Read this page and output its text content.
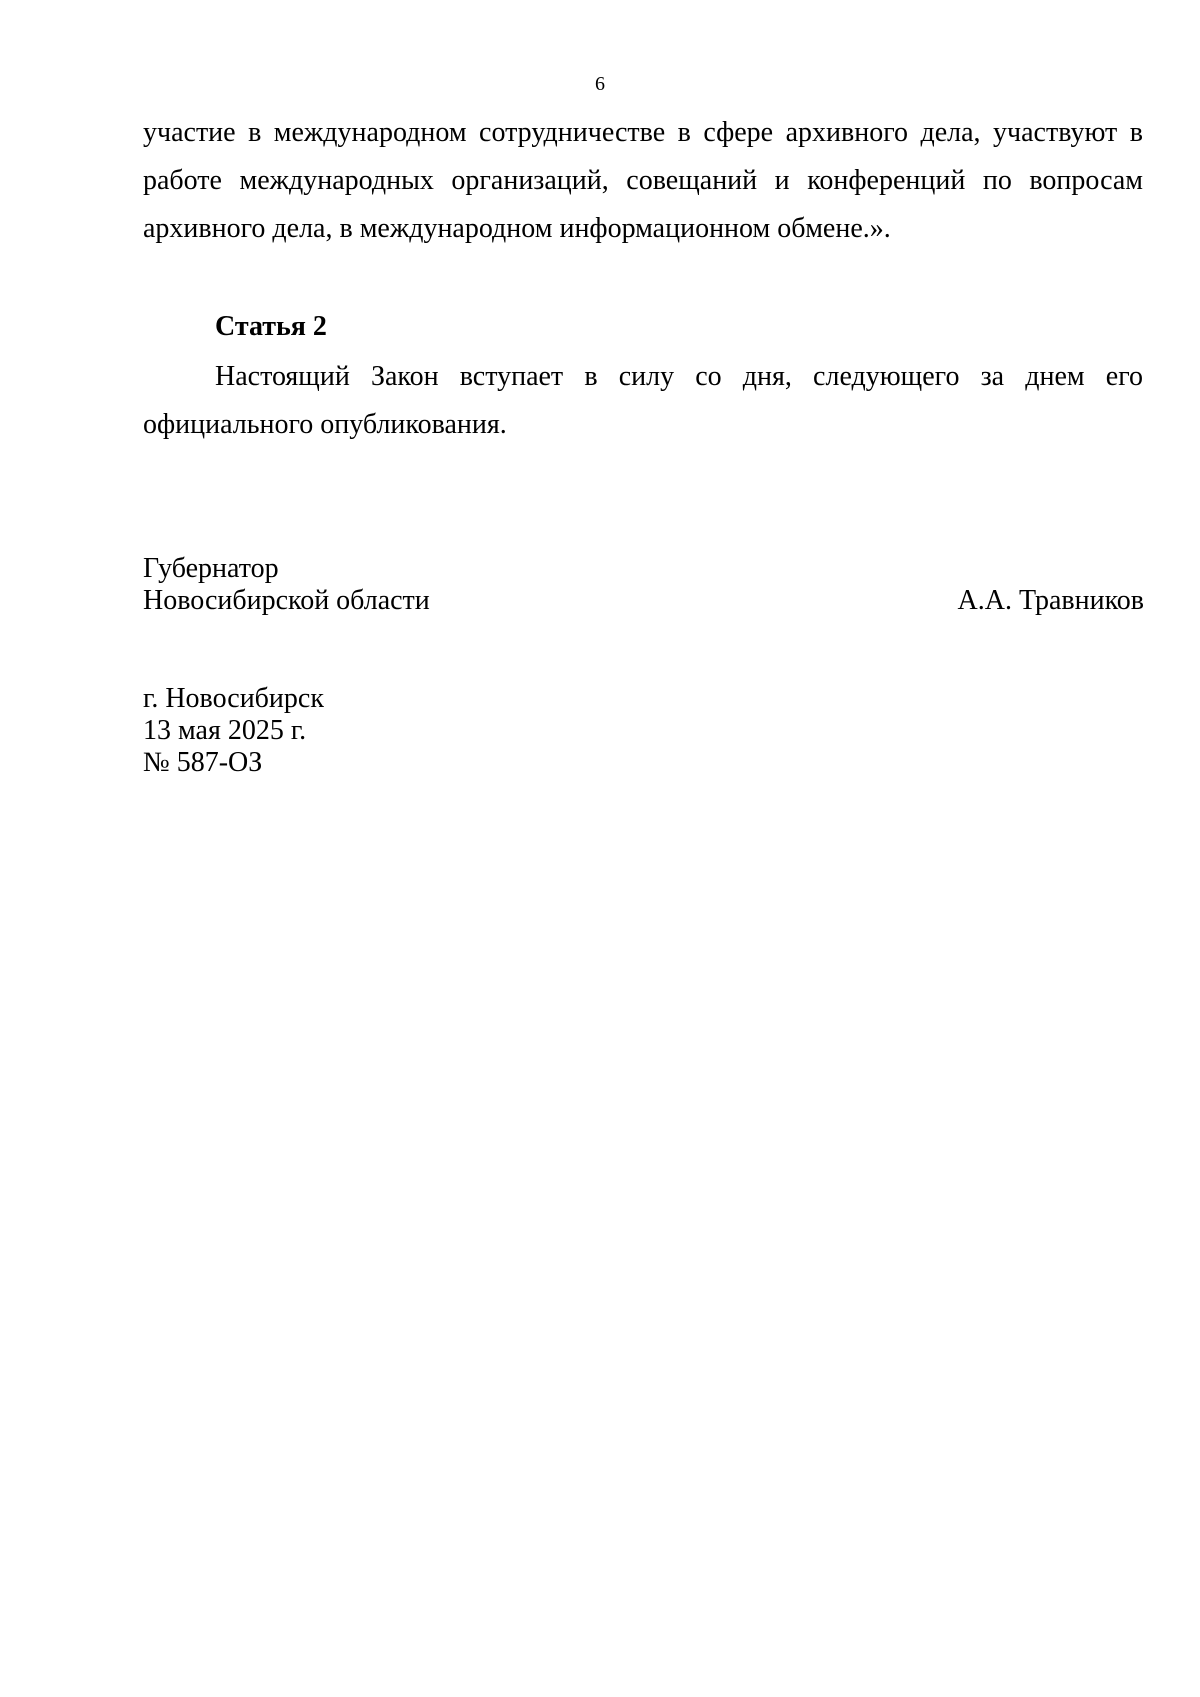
6
участие в международном сотрудничестве в сфере архивного дела, участвуют в
работе международных организаций, совещаний и конференций по вопросам
архивного дела, в международном информационном обмене.».
Статья 2
Настоящий Закон вступает в силу со дня, следующего за днем его
официального опубликования.
Губернатор
Новосибирской области	А.А. Травников
г. Новосибирск
13 мая 2025 г.
№ 587-ОЗ
